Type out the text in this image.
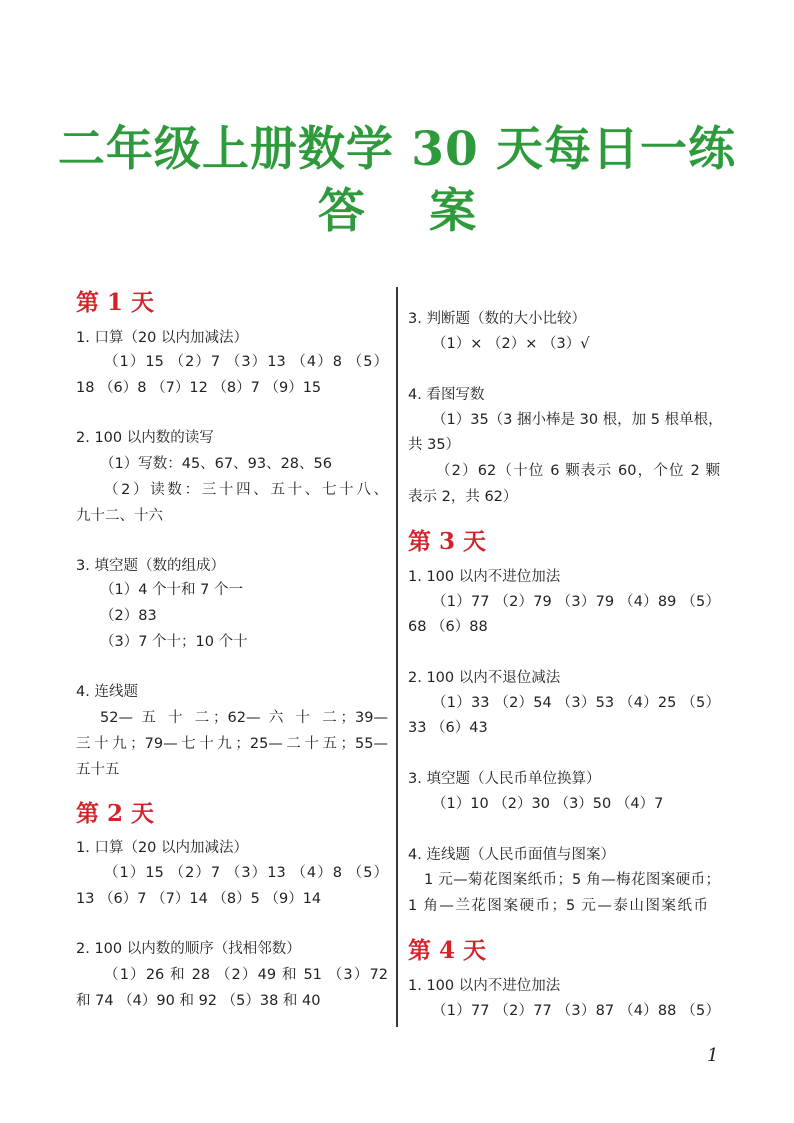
二年级上册数学 30 天每日一练
答 案
第 1 天
1. 口算（20 以内加减法）
（1）15 （2）7 （3）13 （4）8 （5）
18 （6）8 （7）12 （8）7 （9）15
2. 100 以内数的读写
（1）写数：45、67、93、28、56
（2）读数：三十四、五十、七十八、
九十二、十六
3. 填空题（数的组成）
（1）4 个十和 7 个一
（2）83
（3）7 个十；10 个十
4. 连线题
52— 五 十 二；62— 六 十 二；39—
三十九；79—七十九；25—二十五；55—
五十五
第 2 天
1. 口算（20 以内加减法）
（1）15 （2）7 （3）13 （4）8 （5）
13 （6）7 （7）14 （8）5 （9）14
2. 100 以内数的顺序（找相邻数）
（1）26 和 28 （2）49 和 51 （3）72
和 74 （4）90 和 92 （5）38 和 40
3. 判断题（数的大小比较）
（1）× （2）× （3）√
4. 看图写数
（1）35（3 捆小棒是 30 根，加 5 根单根，
共 35）
（2）62（十位 6 颗表示 60，个位 2 颗
表示 2，共 62）
第 3 天
1. 100 以内不进位加法
（1）77 （2）79 （3）79 （4）89 （5）
68 （6）88
2. 100 以内不退位减法
（1）33 （2）54 （3）53 （4）25 （5）
33 （6）43
3. 填空题（人民币单位换算）
（1）10 （2）30 （3）50 （4）7
4. 连线题（人民币面值与图案）
1 元—菊花图案纸币；5 角—梅花图案硬币；
1 角—兰花图案硬币；5 元—泰山图案纸币
第 4 天
1. 100 以内不进位加法
（1）77 （2）77 （3）87 （4）88 （5）
1
